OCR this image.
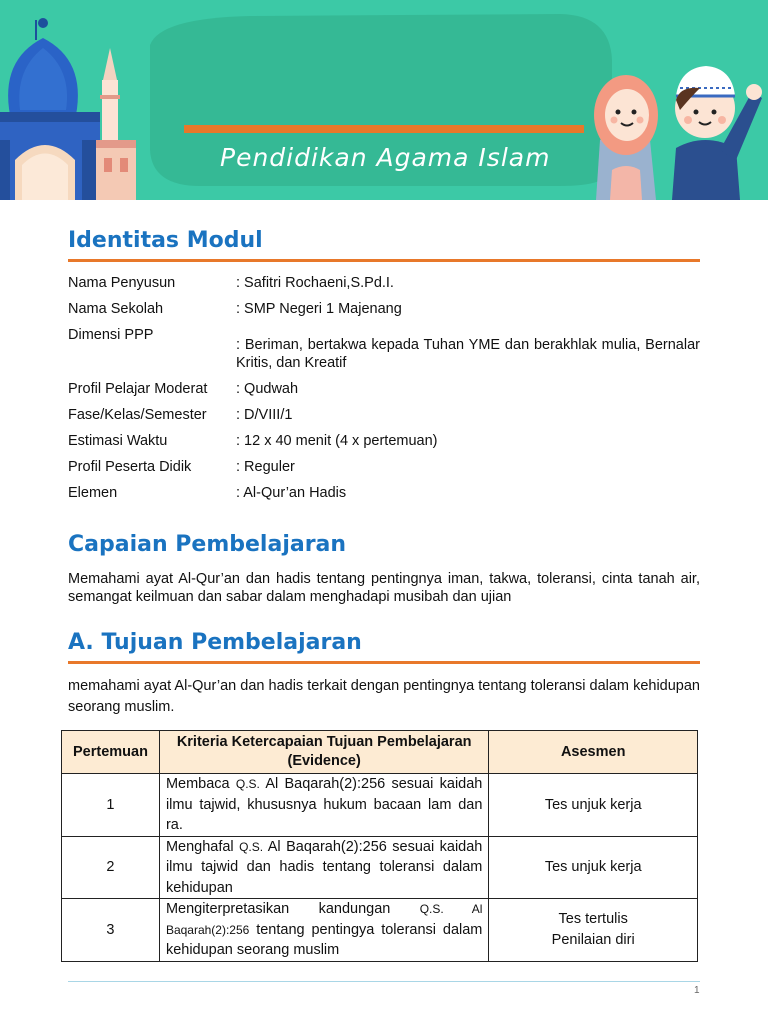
Pendidikan Agama Islam
Identitas Modul
Nama Penyusun	: Safitri Rochaeni,S.Pd.I.
Nama Sekolah	: SMP Negeri 1 Majenang
Dimensi PPP
: Beriman, bertakwa kepada Tuhan YME dan berakhlak mulia, Bernalar Kritis, dan Kreatif
Profil Pelajar Moderat	: Qudwah
Fase/Kelas/Semester	: D/VIII/1
Estimasi Waktu	: 12 x 40 menit (4 x pertemuan)
Profil Peserta Didik	: Reguler
Elemen	: Al-Qur’an Hadis
Capaian Pembelajaran
Memahami ayat Al-Qur’an dan hadis tentang pentingnya iman, takwa, toleransi, cinta tanah air, semangat keilmuan dan sabar dalam menghadapi musibah dan ujian
A. Tujuan Pembelajaran
memahami ayat Al-Qur’an dan hadis terkait dengan pentingnya tentang toleransi dalam kehidupan seorang muslim.
Pertemuan	Kriteria Ketercapaian Tujuan Pembelajaran (Evidence)	Asesmen
1	Membaca Q.S. Al Baqarah(2):256 sesuai kaidah ilmu tajwid, khususnya hukum bacaan lam dan ra.	Tes unjuk kerja

2	Menghafal Q.S. Al Baqarah(2):256 sesuai kaidah ilmu tajwid dan hadis tentang toleransi dalam kehidupan	Tes unjuk kerja

3	Mengiterpretasikan kandungan Q.S. Al Baqarah(2):256 tentang pentingya toleransi dalam kehidupan seorang muslim	Tes tertulis
Penilaian diri
1
